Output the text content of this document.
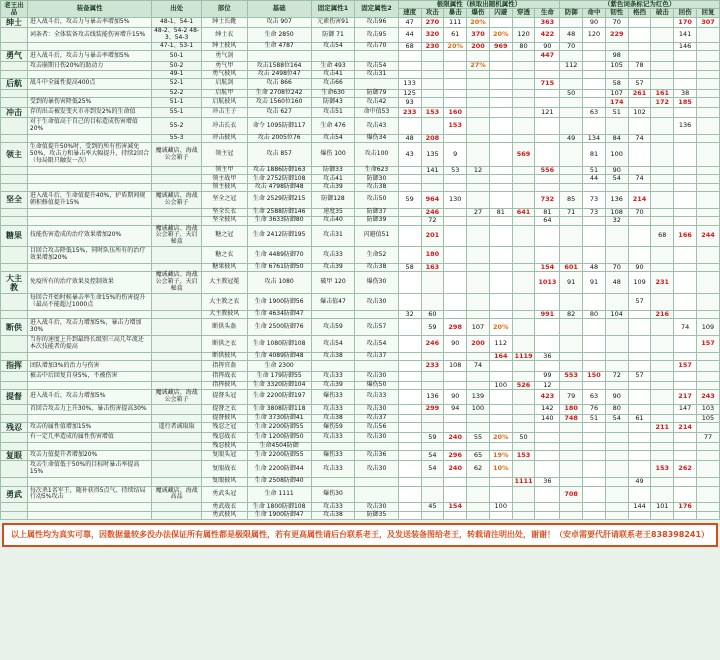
老王出品	装备属性	出处	部位	基础	固定属性1	固定属性2	极限属性（核取出随机属性）							（紫色词条标记为红色）						
							速度	攻击	暴击	爆伤	闪避	穿透	生命	防御	命中	韧性	格挡	破击	回伤	回复
绅士	进入战斗后，攻击力与暴击率增加5%	48-1、54-1	绅士长靴	攻击 907	元素伤害91	攻击96	47	270	111	20%			363		90	70			170	307
	词条者：全体装备攻击线装能伤害增升15%	48-2、54-2 48-3、54-3	绅士衣	生命 2850	防御 71	攻击95	44	320	61	370	20%	120	422	48	120	229			141	
		47-1、53-1	绅士披风	生命 4787	攻击54	攻击70	68	230	20%	200	969	80	90	70					146	
勇气	进入战斗后，攻击力与暴击率增加5%	50-1	勇气剑										447			98				
	攻击崩期日伤20%的助动力	50-2	勇气甲	攻击1588位164	生命 493	攻击54				27%				112		105	78			
		49-1	勇气披风	攻击 2498位47	攻击41	攻击31														
后航	战斗中全属性提高400点	52-1	启航剑	攻击 866	攻击66		133						715			58	57			
		52-2	启航甲	生命 2708位242	生命630	防御79	125							50		107	261	161	38	
	受到的暴伤害降低25%	51-1	启航披风	攻击 1560位160	防御43	攻击42	93									174		172	185	
冲击	存的出击被发变火市亦到发2%的生命值	55-1	冲击王子	攻击 627	攻击51	命中值53	233	153	160				121		63	51	102			
	对于生命值高于自己的目标造成伤害增值20%	55-2	冲击长衣	命令 1095防御117	生命 476	攻击43			153										136	
		55-3	冲击披风	攻击 2005位76	攻击54	爆伤34	48	208						49	134	84	74			
领主	生命值提升50%时，受到的所有伤害减免50%，攻击力和暴击率大幅提升，持续2回合（每局限只触发一次）	魔诚藏店、海战公会箱子	领主冠	攻击 857	爆伤 100	攻击100	43	135	9			569			81	100				
			领主甲	攻击 1886防御163	防御33	生命623		141	53	12			556		51	90				
			领主战甲	生命 2752防御108	攻击41	防御30									44	54	74			
			领主披风	攻击 4798防御48	攻击39	攻击38														
坚全	进入战斗后，生命值提升40%，护盾期间规朝积修值提升15%	魔诚藏店、海战公会箱子	坚全之冠	生命 2529防御215	防御128	攻击50	59	964	130				732	85	73	136	214			
			坚全长衣	生命 2588防御146	速度35	防御37		246		27	81	641	81	71	73	108	70			
			坚全披风	生命 3633防御80	攻击40	防御39		72					64			32				
糖果	技能伤害造成的治疗效果增加20%	魔诚藏店、海战公会箱子、天启秘盒	糖之冠	生命 2412防御195	攻击31	闪避值51		201										68	166	244
	目回合攻击降低15%，同时队伍所有的治疗效果增加20%		糖之衣	生命 4489防御70	攻击33	生命52		180												
			糖果披风	生命 6761防御50	攻击39	攻击38	58	163					154	601	48	70	90			
大主教	免疫所有的治疗效果及控制效果	魔诚藏店、海战公会箱子、天启秘盒	大主教冠冕	攻击 1080	破甲 120	爆伤30							1013	91	91	48	109	231		
	每回合开始时候暴击率生命15%的伤害提升（最高不能超过1000点		大主教之衣	生命 1900防御56	爆击值47	攻击30											57			
			大主教披风	生命 4634防御47			32	60					991	82	80	104		216		
断供	进入战斗后，攻击力增加5%，暴击力增加30%		断供头盔	生命 2500防御76	攻击59	攻击57		59	298	107	20%								74	109
	当你的速度上升到最终长级别三高几年流还本次技能者的提高		断供之衣	生命 1080防御108	攻击54	攻击54		246	90	200	112									157
			断供披风	生命 4089防御48	攻击38	攻击37					164	1119	36							
指挥	团队增加3%的治力与伤害		指挥官盔	生命 2300				233	108	74									157	
	被击中后回复自身5%，不被伤害		指挥战衣	生命 179防御55	攻击33	攻击30							99	553	150	72	57			
			指挥披风	生命 3320防御104	攻击39	爆伤50					100	526	12							
提督	进入战斗后，攻击力增加5%	魔诚藏店、海战公会箱子	提督头冠	生命 2200防御197	爆伤33	攻击33		136	90	139			423	79	63	90			217	243
	首回合攻击力上升30%，暴击伤害提高30%		提督之衣	生命 3808防御118	攻击33	攻击30		299	94	100			142	180	76	80			147	103
			提督披风	生命 3730防御41	攻击38	攻击37							140	748	51	54	61			105
残忍	攻击的属性值增加15%	遥行者诚取取	残忍之冠	生命 2200防御55	爆伤59	攻击56												211	214	
	有一定几率造成的属性伤害增值		残忍战衣	生命 1200防御50	攻击33	攻击30		59	240	55	20%	50								77
			残忍披风	生命4504防御																
复眼	攻击力值提升者增加20%		复眼头冠	生命 2200防御55	爆伤33	攻击36		54	296	65	19%	153								
	攻击生命值低于50%的目标时暴击率提高15%		复眼战衣	生命 2200防御44	攻击33	攻击30		54	240	62	10%							153	262	
			复眼披风	生命 2508防御40								1111	36				49			
勇武	每次杀1名军王，随补获得5点气、持续结局行动5%攻击	魔诚藏店、海战高品	勇武头冠	生命 1111	爆伤30									708						
			勇武战衣	生命 1800防御108	攻击33	攻击30		45	154		100						144	101	176	
			勇武披风	生命 1900防御47	攻击38	防御35														
以上属性均为真实可靠，因数据量较多没办法保证所有属性都是极限属性，若有更高属性请后台联系老王，及发送装备图给老王，转载请注明出处，谢谢！（安卓需要代肝请联系老王838398241）
